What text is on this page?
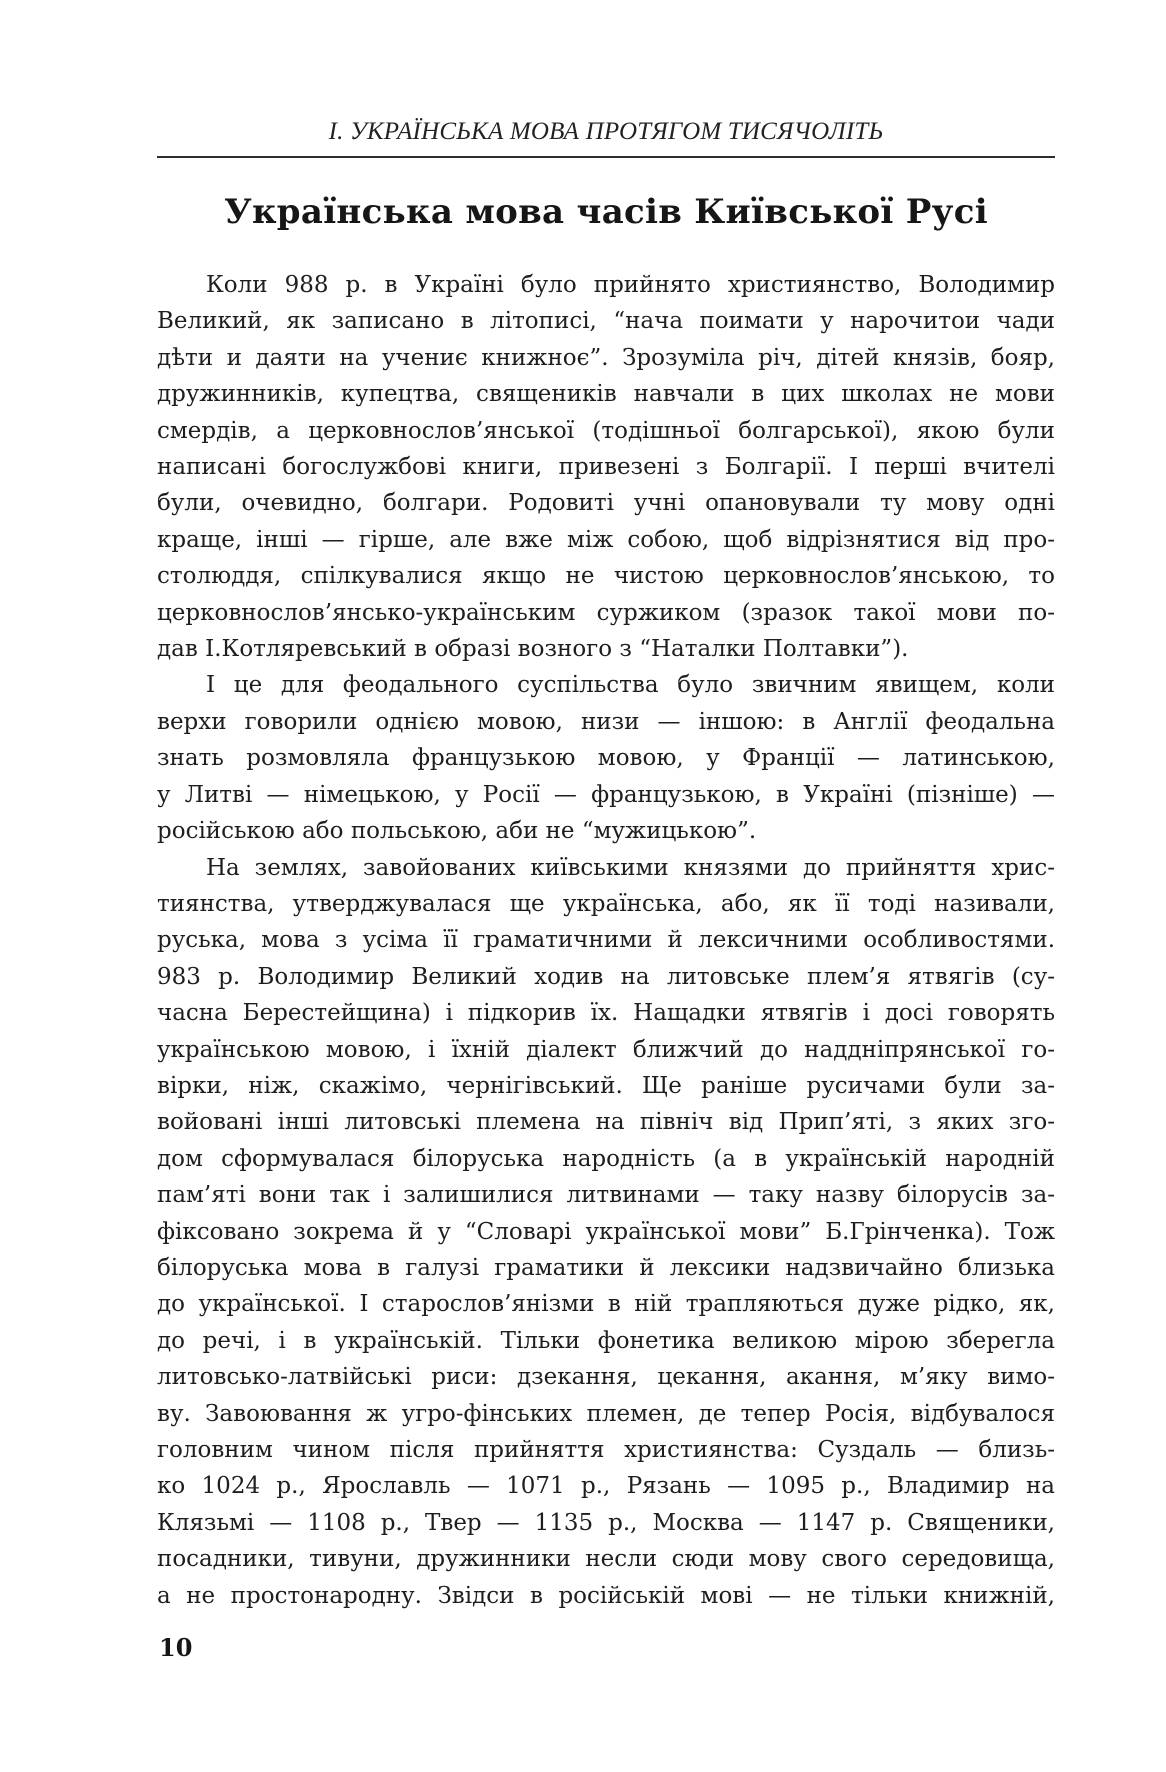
І. УКРАЇНСЬКА МОВА ПРОТЯГОМ ТИСЯЧОЛІТЬ
Українська мова часів Київської Русі
Коли 988 р. в Україні було прийнято християнство, Володимир
Великий, як записано в літописі, “нача поимати у нарочитои чади
дѣти и даяти на учениє книжноє”. Зрозуміла річ, дітей князів, бояр,
дружинників, купецтва, священиків навчали в цих школах не мови
смердів, а церковнослов’янської (тодішньої болгарської), якою були
написані богослужбові книги, привезені з Болгарії. І перші вчителі
були, очевидно, болгари. Родовиті учні опановували ту мову одні
краще, інші — гірше, але вже між собою, щоб відрізнятися від про-
столюддя, спілкувалися якщо не чистою церковнослов’янською, то
церковнослов’янсько-українським суржиком (зразок такої мови по-
дав І.Котляревський в образі возного з “Наталки Полтавки”).
І це для феодального суспільства було звичним явищем, коли
верхи говорили однією мовою, низи — іншою: в Англії феодальна
знать розмовляла французькою мовою, у Франції — латинською,
у Литві — німецькою, у Росії — французькою, в Україні (пізніше) —
російською або польською, аби не “мужицькою”.
На землях, завойованих київськими князями до прийняття хрис-
тиянства, утверджувалася ще українська, або, як її тоді називали,
руська, мова з усіма її граматичними й лексичними особливостями.
983 р. Володимир Великий ходив на литовське плем’я ятвягів (су-
часна Берестейщина) і підкорив їх. Нащадки ятвягів і досі говорять
українською мовою, і їхній діалект ближчий до наддніпрянської го-
вірки, ніж, скажімо, чернігівський. Ще раніше русичами були за-
войовані інші литовські племена на північ від Прип’яті, з яких зго-
дом сформувалася білоруська народність (а в українській народній
пам’яті вони так і залишилися литвинами — таку назву білорусів за-
фіксовано зокрема й у “Словарі української мови” Б.Грінченка). Тож
білоруська мова в галузі граматики й лексики надзвичайно близька
до української. І старослов’янізми в ній трапляються дуже рідко, як,
до речі, і в українській. Тільки фонетика великою мірою зберегла
литовсько-латвійські риси: дзекання, цекання, акання, м’яку вимо-
ву. Завоювання ж угро-фінських племен, де тепер Росія, відбувалося
головним чином після прийняття християнства: Суздаль — близь-
ко 1024 р., Ярославль — 1071 р., Рязань — 1095 р., Владимир на
Клязьмі — 1108 р., Твер — 1135 р., Москва — 1147 р. Священики,
посадники, тивуни, дружинники несли сюди мову свого середовища,
а не простонародну. Звідси в російській мові — не тільки книжній,
10
